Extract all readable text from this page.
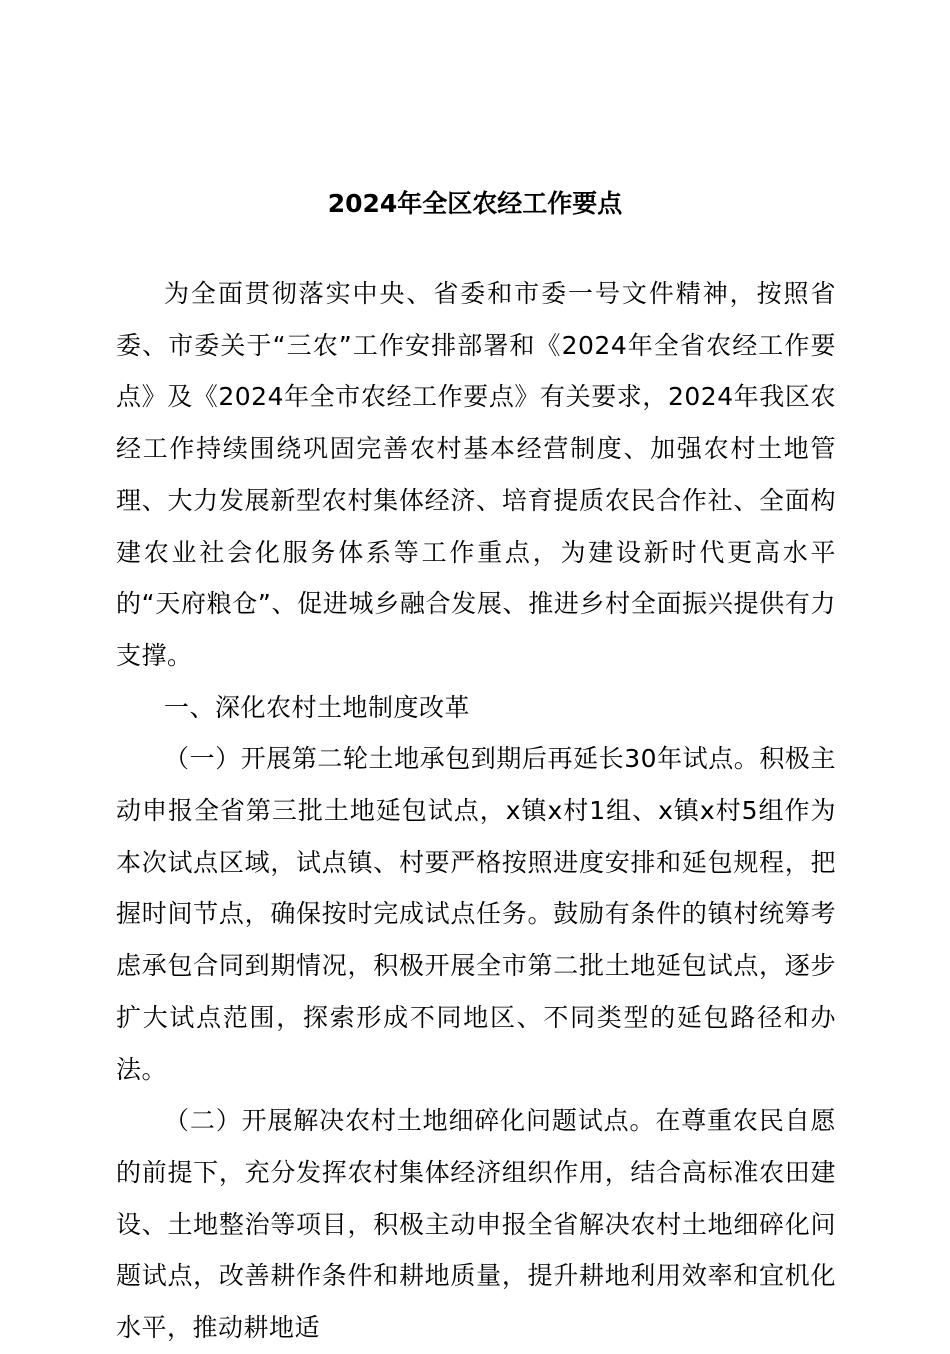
2024年全区农经工作要点

为全面贯彻落实中央、省委和市委一号文件精神，按照省委、市委关于“三农”工作安排部署和《2024年全省农经工作要点》及《2024年全市农经工作要点》有关要求，2024年我区农经工作持续围绕巩固完善农村基本经营制度、加强农村土地管理、大力发展新型农村集体经济、培育提质农民合作社、全面构建农业社会化服务体系等工作重点，为建设新时代更高水平的“天府粮仓”、促进城乡融合发展、推进乡村全面振兴提供有力支撑。

一、深化农村土地制度改革

（一）开展第二轮土地承包到期后再延长30年试点。积极主动申报全省第三批土地延包试点，x镇x村1组、x镇x村5组作为本次试点区域，试点镇、村要严格按照进度安排和延包规程，把握时间节点，确保按时完成试点任务。鼓励有条件的镇村统筹考虑承包合同到期情况，积极开展全市第二批土地延包试点，逐步扩大试点范围，探索形成不同地区、不同类型的延包路径和办法。

（二）开展解决农村土地细碎化问题试点。在尊重农民自愿的前提下，充分发挥农村集体经济组织作用，结合高标准农田建设、土地整治等项目，积极主动申报全省解决农村土地细碎化问题试点，改善耕作条件和耕地质量，提升耕地利用效率和宜机化水平，推动耕地适
